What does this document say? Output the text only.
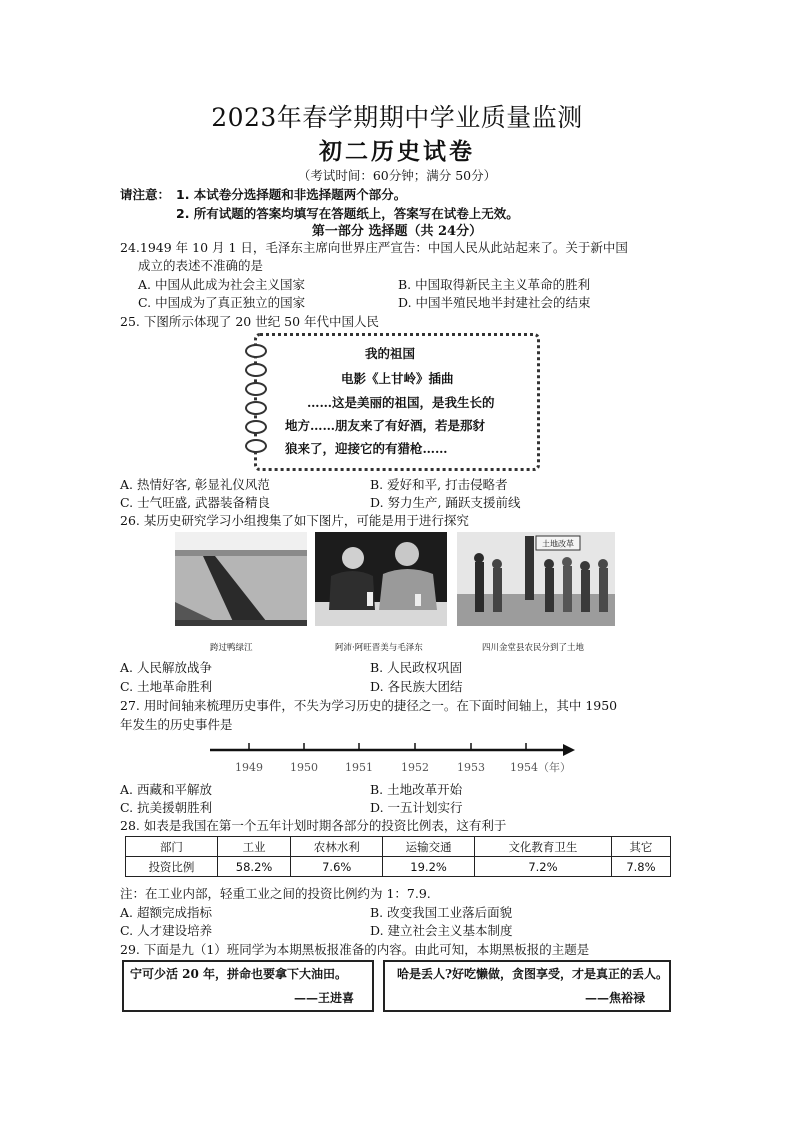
2023年春学期期中学业质量监测
初二历史试卷
（考试时间：60分钟；满分 50分）
请注意： 1. 本试卷分选择题和非选择题两个部分。
2. 所有试题的答案均填写在答题纸上，答案写在试卷上无效。
第一部分 选择题（共 24分）
24.1949 年 10 月 1 日，毛泽东主席向世界庄严宣告：中国人民从此站起来了。关于新中国
成立的表述不准确的是
A. 中国从此成为社会主义国家	B. 中国取得新民主主义革命的胜利
C. 中国成为了真正独立的国家	D. 中国半殖民地半封建社会的结束
25. 下图所示体现了 20 世纪 50 年代中国人民
我的祖国
电影《上甘岭》插曲
……这是美丽的祖国，是我生长的
地方……朋友来了有好酒，若是那豺
狼来了，迎接它的有猎枪……
A. 热情好客, 彰显礼仪风范	B. 爱好和平, 打击侵略者
C. 士气旺盛, 武器装备精良	D. 努力生产, 踊跃支援前线
26. 某历史研究学习小组搜集了如下图片，可能是用于进行探究
土地改革
跨过鸭绿江	阿沛·阿旺晋美与毛泽东	四川金堂县农民分到了土地
A. 人民解放战争	B. 人民政权巩固
C. 土地革命胜利	D. 各民族大团结
27. 用时间轴来梳理历史事件，不失为学习历史的捷径之一。在下面时间轴上，其中 1950
年发生的历史事件是
1949 1950 1951	1952	1953 1954（年）
A. 西藏和平解放	B. 土地改革开始
C. 抗美援朝胜利	D. 一五计划实行
28. 如表是我国在第一个五年计划时期各部分的投资比例表，这有利于
部门	工业	农林水利	运输交通	文化教育卫生	其它
投资比例	58.2%	7.6%	19.2%	7.2%	7.8%
注：在工业内部，轻重工业之间的投资比例约为 1：7.9.
A. 超额完成指标	B. 改变我国工业落后面貌
C. 人才建设培养	D. 建立社会主义基本制度
29. 下面是九（1）班同学为本期黑板报准备的内容。由此可知，本期黑板报的主题是
宁可少活 20 年，拼命也要拿下大油田。
——王进喜
哈是丢人?好吃懒做，贪图享受，才是真正的丢人。
——焦裕禄
